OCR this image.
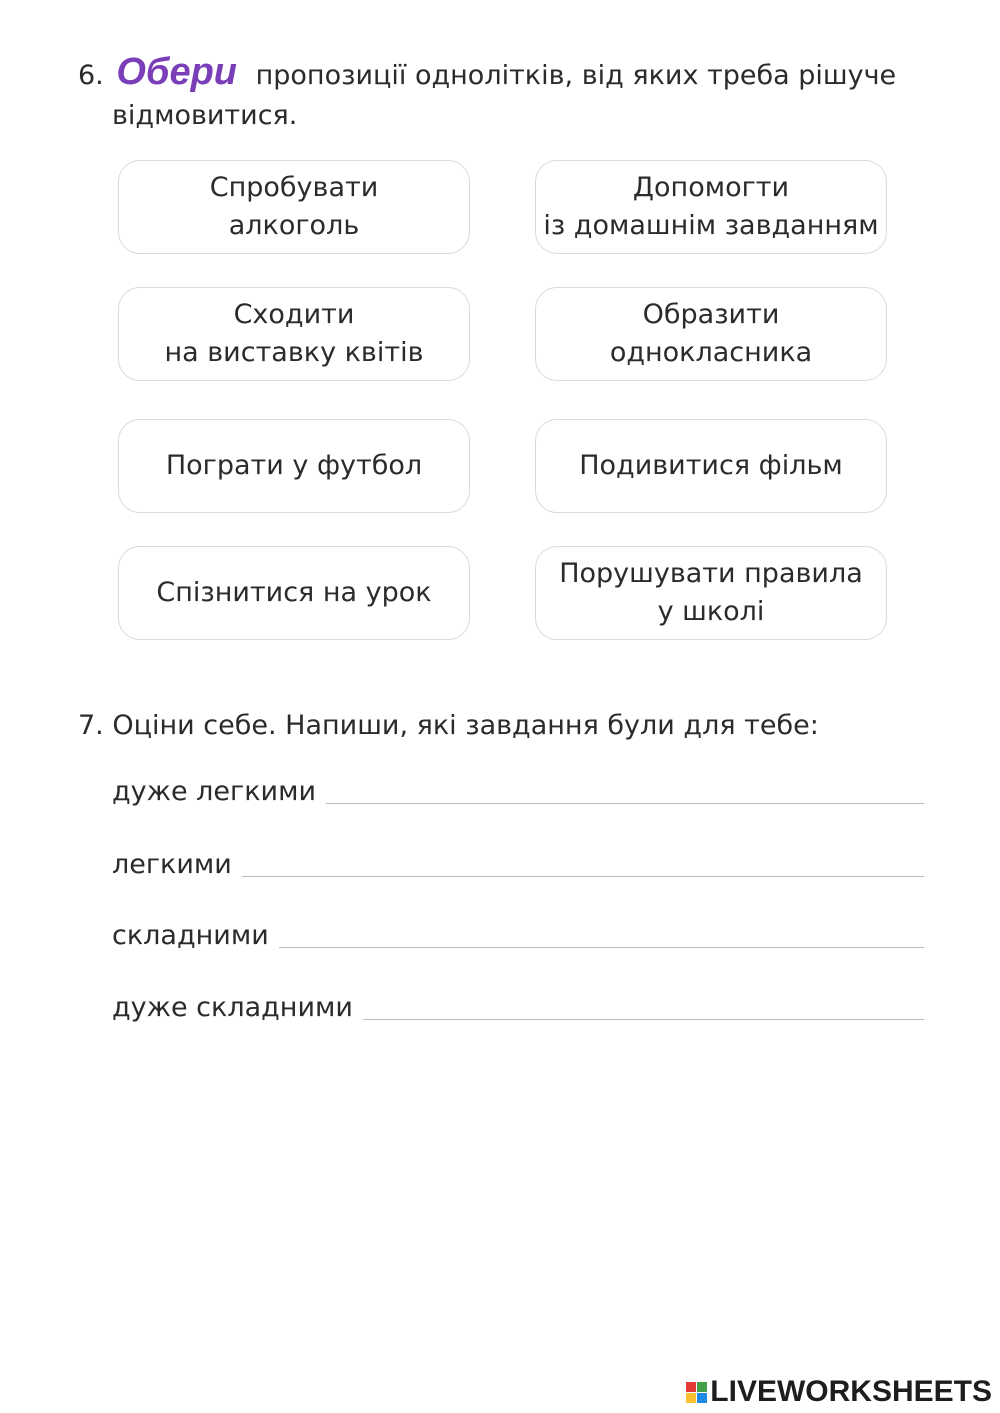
6. Обери пропозиції однолітків, від яких треба рішуче
відмовитися.
Спробувати
алкоголь
Допомогти
із домашнім завданням
Сходити
на виставку квітів
Образити
однокласника
Пограти у футбол	Подивитися фільм
Спізнитися на урок
Порушувати правила
у школі
7. Оціни себе. Напиши, які завдання були для тебе:
дуже легкими
легкими
складними
дуже складними
LIVEWORKSHEETS
